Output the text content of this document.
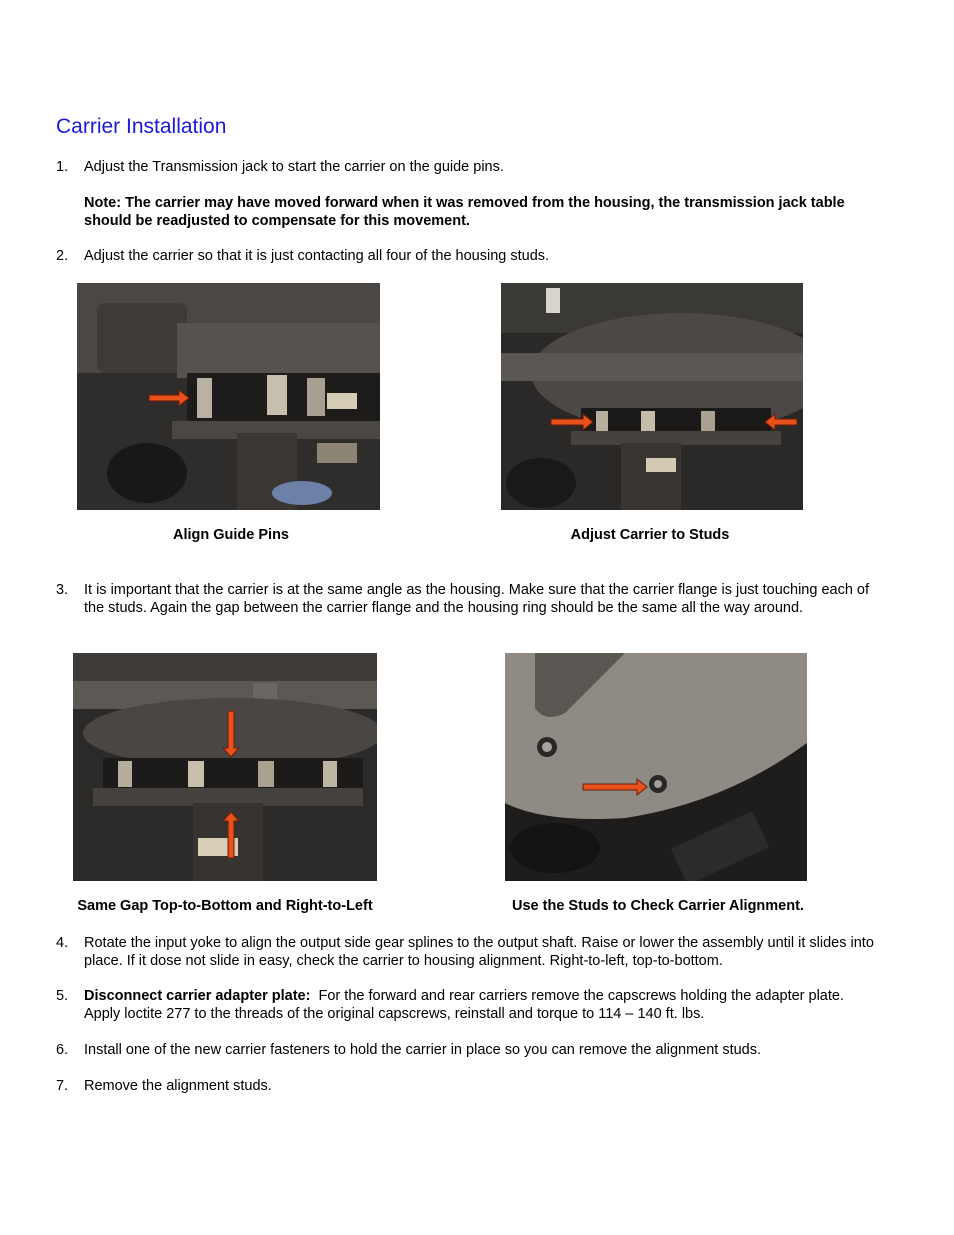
Carrier Installation
1. Adjust the Transmission jack to start the carrier on the guide pins.
Note: The carrier may have moved forward when it was removed from the housing, the transmission jack table should be readjusted to compensate for this movement.
2. Adjust the carrier so that it is just contacting all four of the housing studs.
Align Guide Pins	Adjust Carrier to Studs
3. It is important that the carrier is at the same angle as the housing. Make sure that the carrier flange is just touching each of the studs. Again the gap between the carrier flange and the housing ring should be the same all the way around.
Same Gap Top-to-Bottom and Right-to-Left	Use the Studs to Check Carrier Alignment.
4. Rotate the input yoke to align the output side gear splines to the output shaft. Raise or lower the assembly until it slides into place. If it dose not slide in easy, check the carrier to housing alignment. Right-to-left, top-to-bottom.
5. Disconnect carrier adapter plate:  For the forward and rear carriers remove the capscrews holding the adapter plate. Apply loctite 277 to the threads of the original capscrews, reinstall and torque to 114 – 140 ft. lbs.
6. Install one of the new carrier fasteners to hold the carrier in place so you can remove the alignment studs.
7. Remove the alignment studs.
